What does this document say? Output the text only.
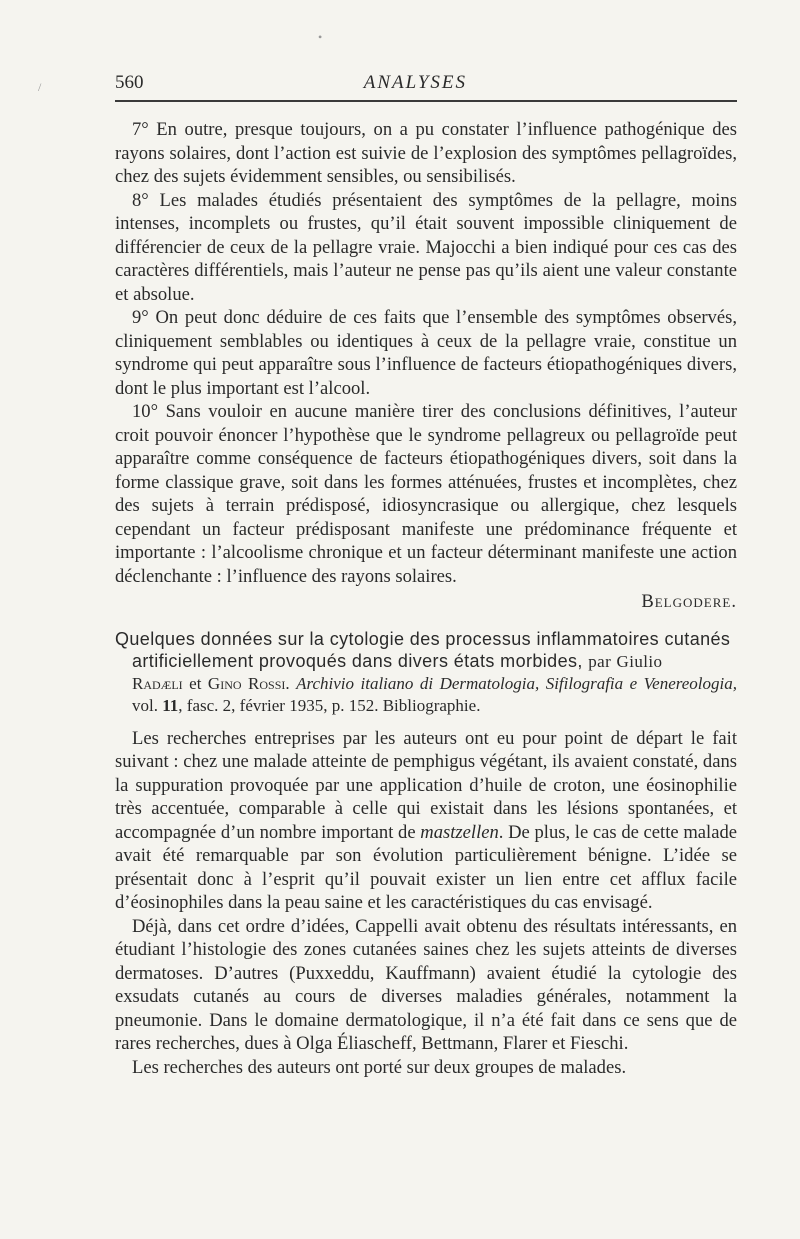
•
/	560	ANALYSES

7° En outre, presque toujours, on a pu constater l’influence pathogénique des rayons solaires, dont l’action est suivie de l’explosion des symptômes pellagroïdes, chez des sujets évidemment sensibles, ou sensibilisés.

8° Les malades étudiés présentaient des symptômes de la pellagre, moins intenses, incomplets ou frustes, qu’il était souvent impossible cliniquement de différencier de ceux de la pellagre vraie. Majocchi a bien indiqué pour ces cas des caractères différentiels, mais l’auteur ne pense pas qu’ils aient une valeur constante et absolue.

9° On peut donc déduire de ces faits que l’ensemble des symptômes observés, cliniquement semblables ou identiques à ceux de la pellagre vraie, constitue un syndrome qui peut apparaître sous l’influence de facteurs étiopathogéniques divers, dont le plus important est l’alcool.

10° Sans vouloir en aucune manière tirer des conclusions définitives, l’auteur croit pouvoir énoncer l’hypothèse que le syndrome pellagreux ou pellagroïde peut apparaître comme conséquence de facteurs étiopathogéniques divers, soit dans la forme classique grave, soit dans les formes atténuées, frustes et incomplètes, chez des sujets à terrain prédisposé, idiosyncrasique ou allergique, chez lesquels cependant un facteur prédisposant manifeste une prédominance fréquente et importante : l’alcoolisme chronique et un facteur déterminant manifeste une action déclenchante : l’influence des rayons solaires.

Belgodere.
Quelques données sur la cytologie des processus inflammatoires cutanés
artificiellement provoqués dans divers états morbides, par Giulio
Radæli et Gino Rossi. Archivio italiano di Dermatologia, Sifilografia e Venereologia, vol. 11, fasc. 2, février 1935, p. 152. Bibliographie.

Les recherches entreprises par les auteurs ont eu pour point de départ le fait suivant : chez une malade atteinte de pemphigus végétant, ils avaient constaté, dans la suppuration provoquée par une application d’huile de croton, une éosinophilie très accentuée, comparable à celle qui existait dans les lésions spontanées, et accompagnée d’un nombre important de mastzellen. De plus, le cas de cette malade avait été remarquable par son évolution particulièrement bénigne. L’idée se présentait donc à l’esprit qu’il pouvait exister un lien entre cet afflux facile d’éosinophiles dans la peau saine et les caractéristiques du cas envisagé.

Déjà, dans cet ordre d’idées, Cappelli avait obtenu des résultats intéressants, en étudiant l’histologie des zones cutanées saines chez les sujets atteints de diverses dermatoses. D’autres (Puxxeddu, Kauffmann) avaient étudié la cytologie des exsudats cutanés au cours de diverses maladies générales, notamment la pneumonie. Dans le domaine dermatologique, il n’a été fait dans ce sens que de rares recherches, dues à Olga Éliascheff, Bettmann, Flarer et Fieschi.

Les recherches des auteurs ont porté sur deux groupes de malades.
